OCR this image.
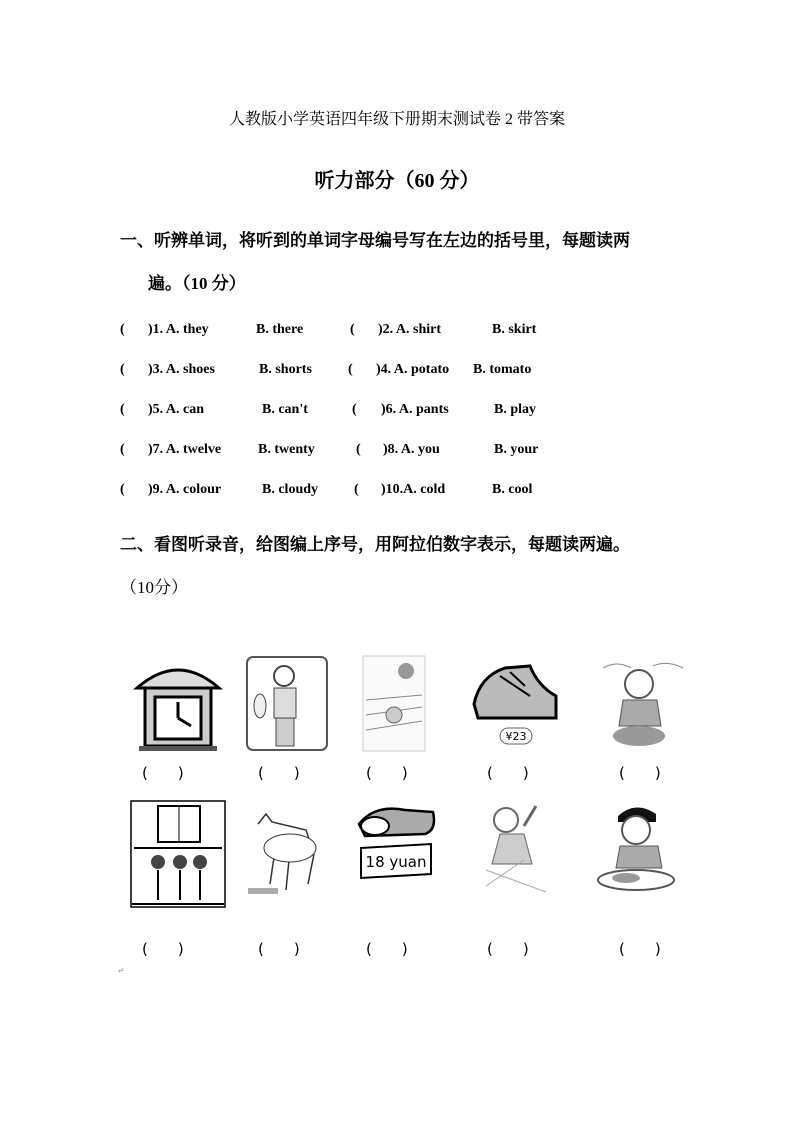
人教版小学英语四年级下册期末测试卷 2 带答案
听力部分（60 分）
一、听辨单词，将听到的单词字母编号写在左边的括号里，每题读两
遍。（10 分）
( )1. A. they	B. there	( )2. A. shirt	B. skirt
( )3. A. shoes	B. shorts	( )4. A. potato B. tomato
( )5. A. can	B. can't	( )6. A. pants	B. play
( )7. A. twelve	B. twenty	( )8. A. you	B. your
( )9. A. colour	B. cloudy	( )10.A. cold	B. cool
二、看图听录音，给图编上序号，用阿拉伯数字表示，每题读两遍。
（10分）
¥23
18 yuan
(　　)	(　　)	(　　)	(　　)	(　　)
(　　)	(　　)	(　　)	(　　)	(　　)
↵
